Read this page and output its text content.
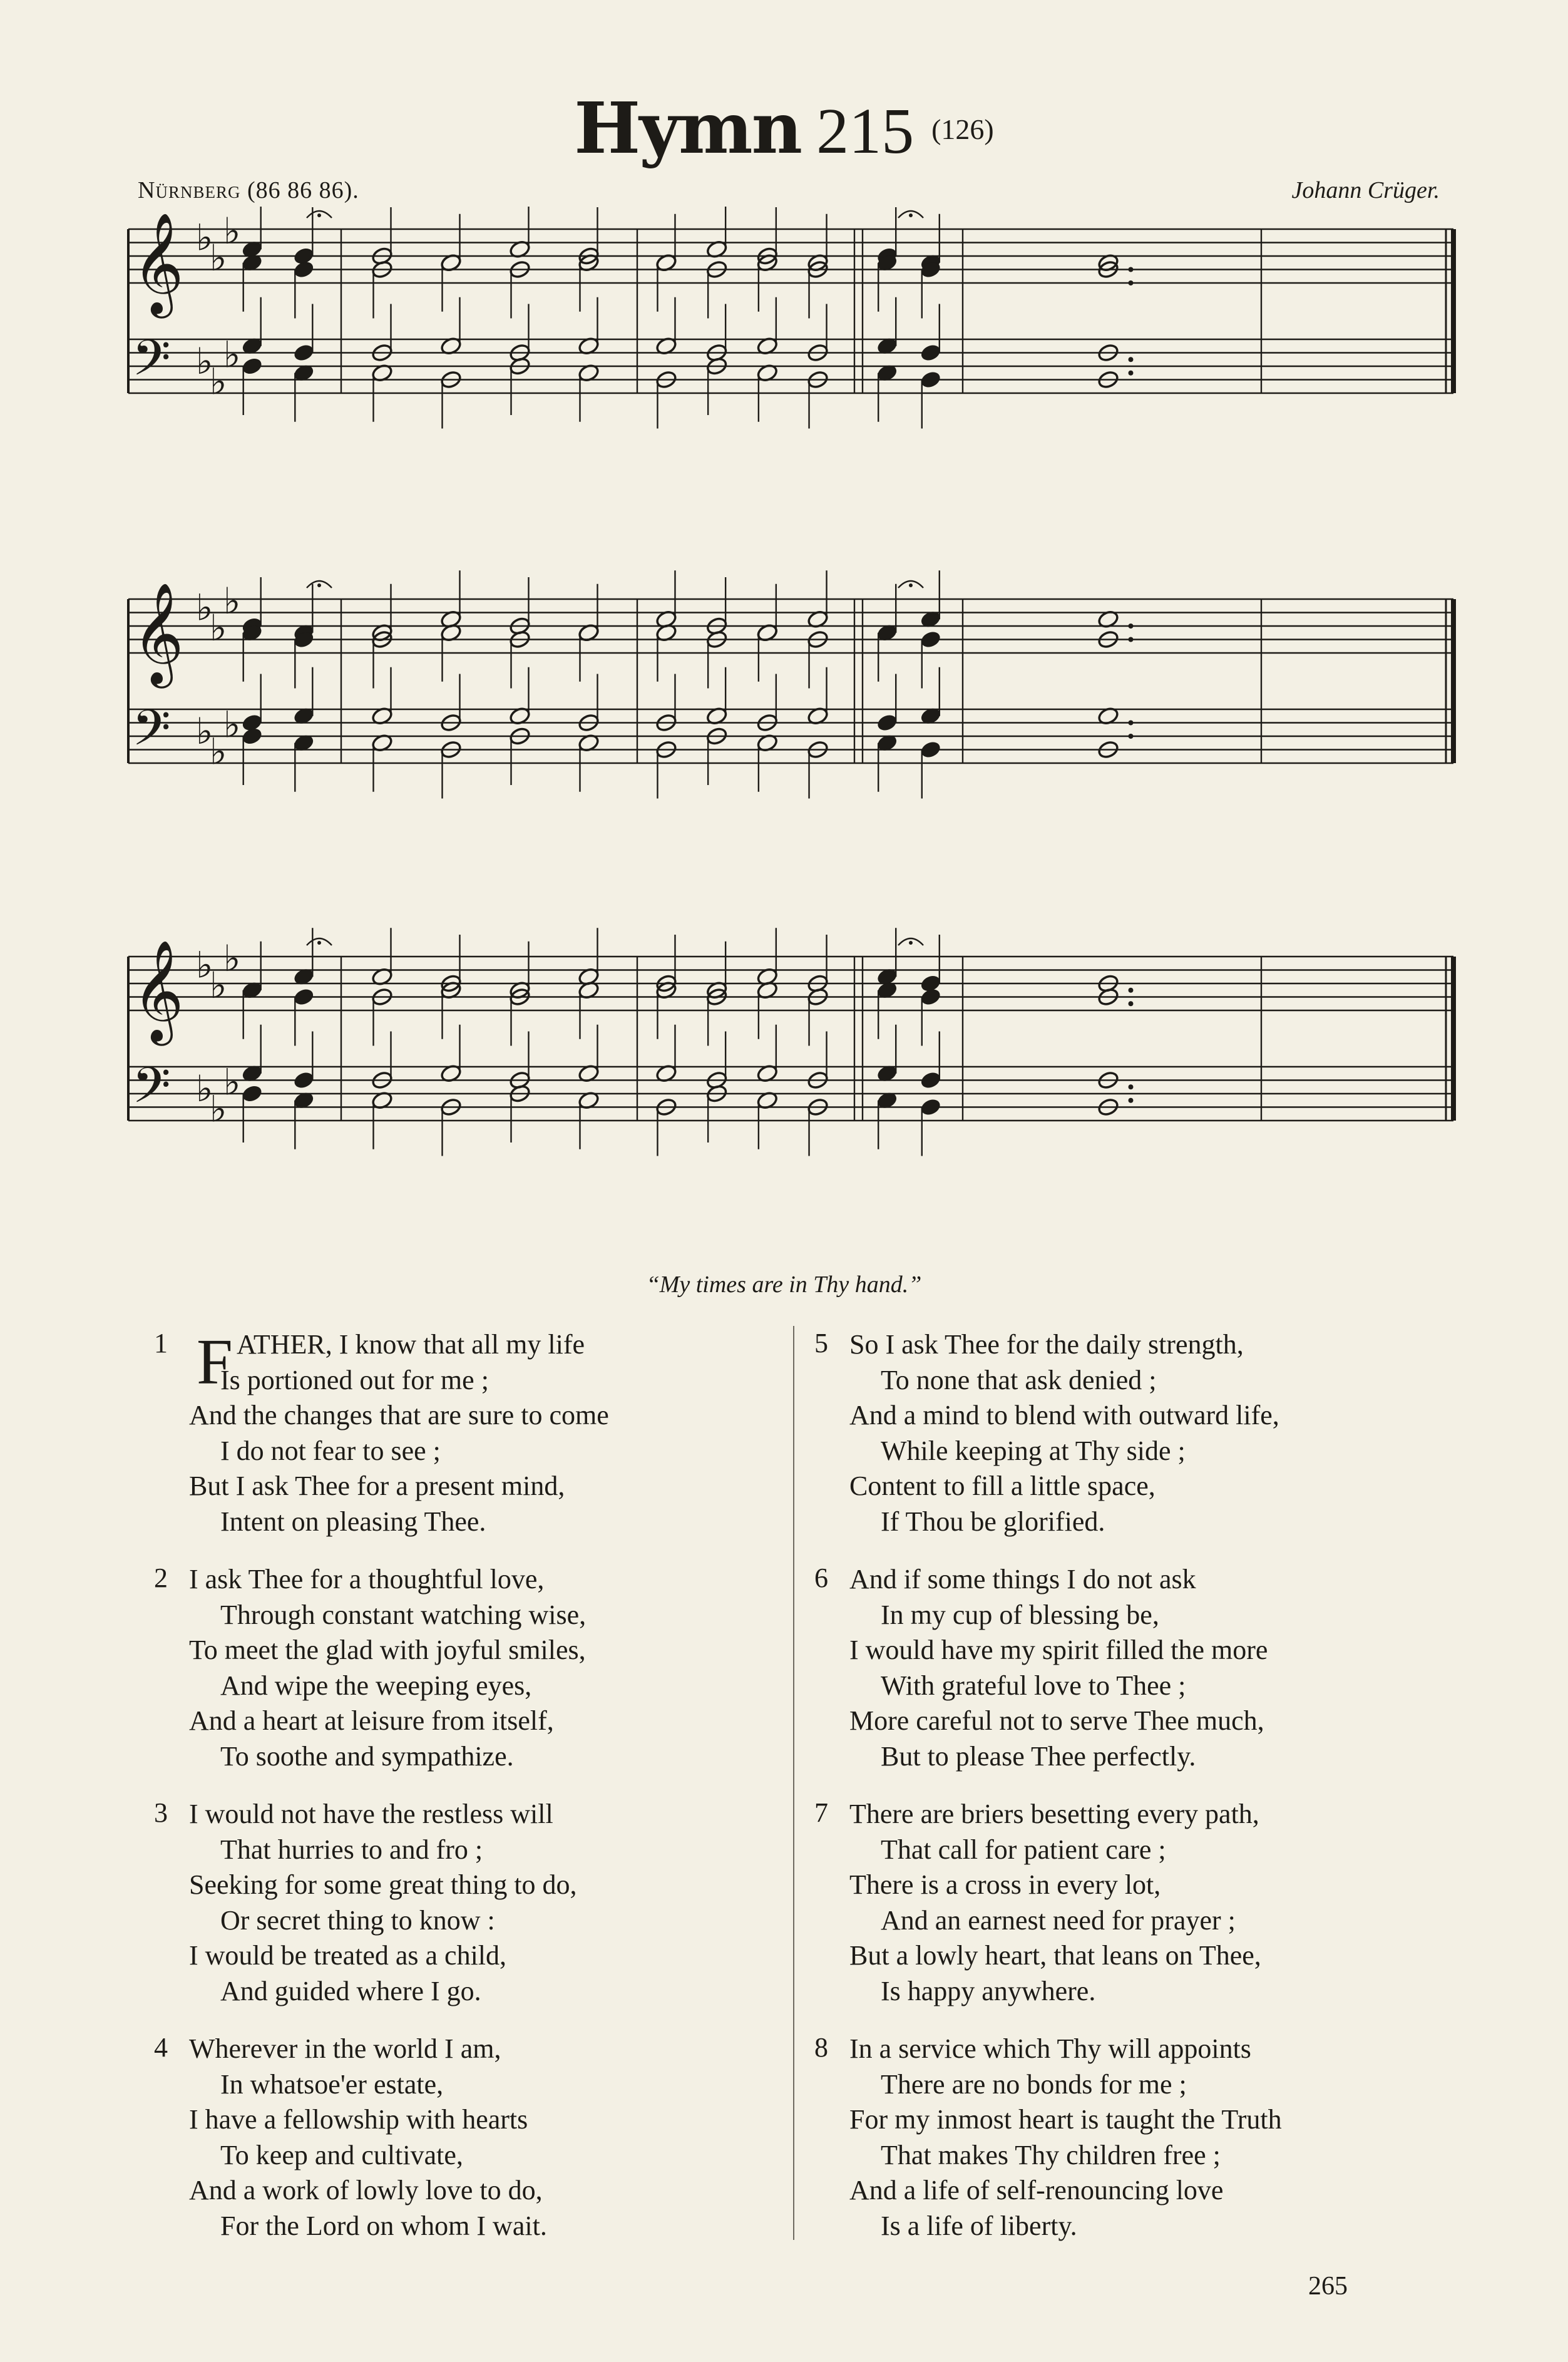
Hymn 215 (126)
Nürnberg (86 86 86).	Johann Crüger.
𝄞
𝄢
♭
♭
♭
♭
♭
♭
𝄞
𝄢
♭
♭
♭
♭
♭
♭
𝄞
𝄢
♭
♭
♭
♭
♭
♭
“My times are in Thy hand.”
1 F ATHER, I know that all my life
Is portioned out for me ;
And the changes that are sure to come
I do not fear to see ;
But I ask Thee for a present mind,
Intent on pleasing Thee.
2 I ask Thee for a thoughtful love,
Through constant watching wise,
To meet the glad with joyful smiles,
And wipe the weeping eyes,
And a heart at leisure from itself,
To soothe and sympathize.
3 I would not have the restless will
That hurries to and fro ;
Seeking for some great thing to do,
Or secret thing to know :
I would be treated as a child,
And guided where I go.
4 Wherever in the world I am,
In whatsoe'er estate,
I have a fellowship with hearts
To keep and cultivate,
And a work of lowly love to do,
For the Lord on whom I wait.
5 So I ask Thee for the daily strength,
To none that ask denied ;
And a mind to blend with outward life,
While keeping at Thy side ;
Content to fill a little space,
If Thou be glorified.
6 And if some things I do not ask
In my cup of blessing be,
I would have my spirit filled the more
With grateful love to Thee ;
More careful not to serve Thee much,
But to please Thee perfectly.
7 There are briers besetting every path,
That call for patient care ;
There is a cross in every lot,
And an earnest need for prayer ;
But a lowly heart, that leans on Thee,
Is happy anywhere.
8 In a service which Thy will appoints
There are no bonds for me ;
For my inmost heart is taught the Truth
That makes Thy children free ;
And a life of self-renouncing love
Is a life of liberty.
265
